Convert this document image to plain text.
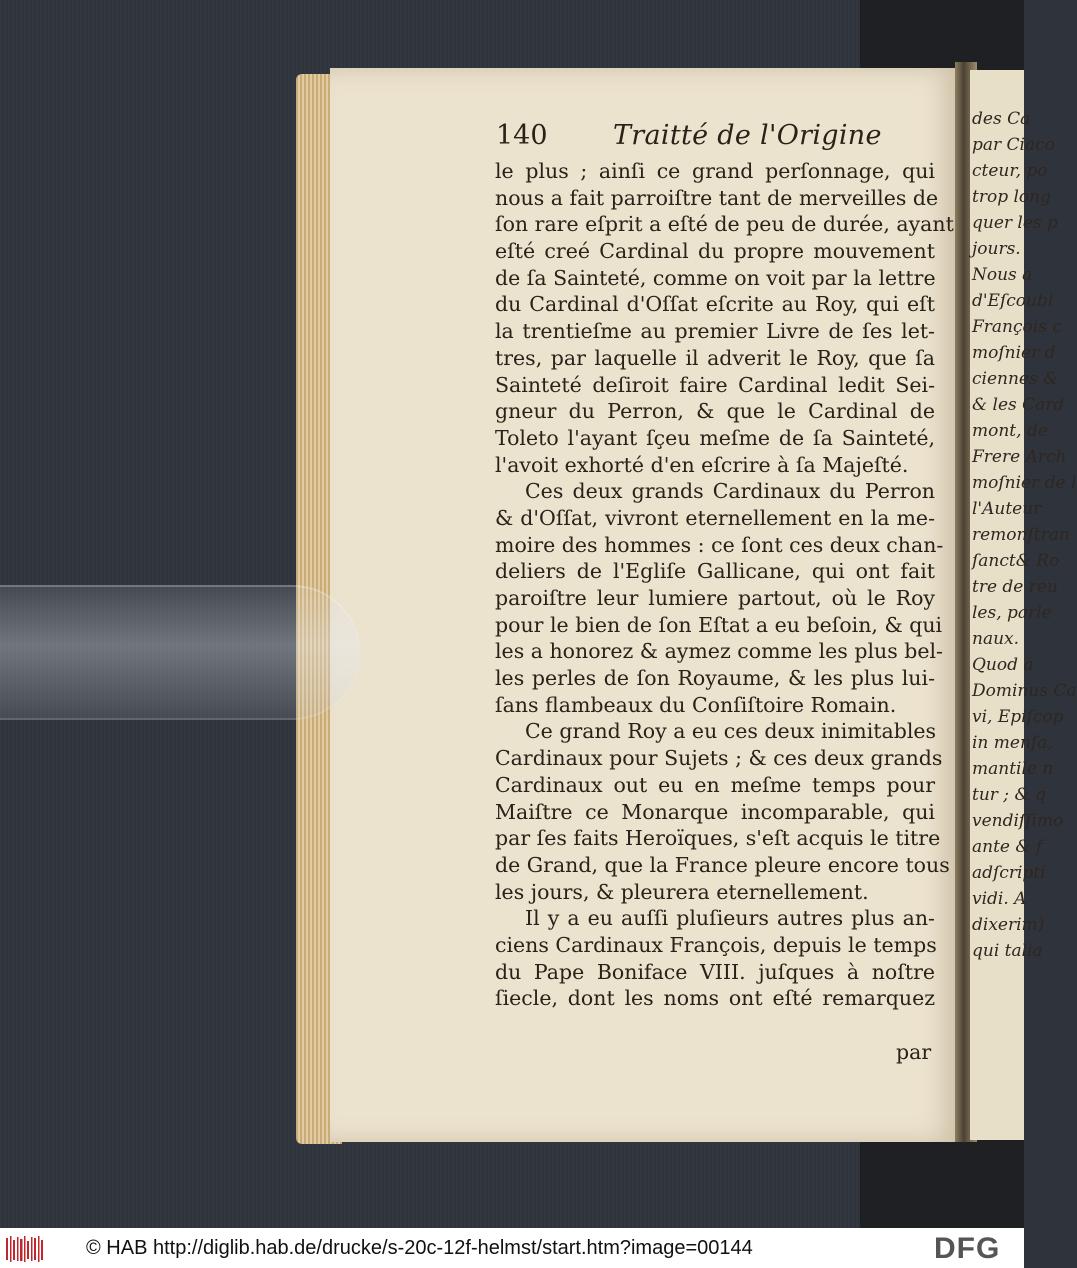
des Ca
par Ciaco
cteur, po
trop long
quer les p
jours.
Nous a
d'Eſcoubl
François c
moſnier d
ciennes &
& les Card
mont, de
Frere Arch
moſnier de l
l'Auteur
remonſtran
ſanct& Ro
tre de reu
les, parle
naux.
Quod a
Dominus Ca
vi, Epiſcop
in menſa,
mantile n
tur ; & q
vendiſſimo
ante & f
adſcripti
vidi. A
dixerim)
qui talia
140 Traitté de l'Origine
le plus ; ainſi ce grand perſonnage, qui
nous a fait parroiſtre tant de merveilles de
ſon rare eſprit a eſté de peu de durée, ayant
eſté creé Cardinal du propre mouvement
de ſa Sainteté, comme on voit par la lettre
du Cardinal d'Oſſat eſcrite au Roy, qui eſt
la trentieſme au premier Livre de ſes let-
tres, par laquelle il adverit le Roy, que ſa
Sainteté deſiroit faire Cardinal ledit Sei-
gneur du Perron, & que le Cardinal de
Toleto l'ayant ſçeu meſme de ſa Sainteté,
l'avoit exhorté d'en eſcrire à ſa Majeſté.
Ces deux grands Cardinaux du Perron
& d'Oſſat, vivront eternellement en la me-
moire des hommes : ce ſont ces deux chan-
deliers de l'Egliſe Gallicane, qui ont fait
paroiſtre leur lumiere partout, où le Roy
pour le bien de ſon Eſtat a eu beſoin, & qui
les a honorez & aymez comme les plus bel-
les perles de ſon Royaume, & les plus lui-
ſans flambeaux du Conſiſtoire Romain.
Ce grand Roy a eu ces deux inimitables
Cardinaux pour Sujets ; & ces deux grands
Cardinaux out eu en meſme temps pour
Maiſtre ce Monarque incomparable, qui
par ſes faits Heroïques, s'eſt acquis le titre
de Grand, que la France pleure encore tous
les jours, & pleurera eternellement.
Il y a eu auſſi pluſieurs autres plus an-
ciens Cardinaux François, depuis le temps
du Pape Boniface VIII. juſques à noſtre
ſiecle, dont les noms ont eſté remarquez
par
© HAB http://diglib.hab.de/drucke/s-20c-12f-helmst/start.htm?image=00144	DFG
